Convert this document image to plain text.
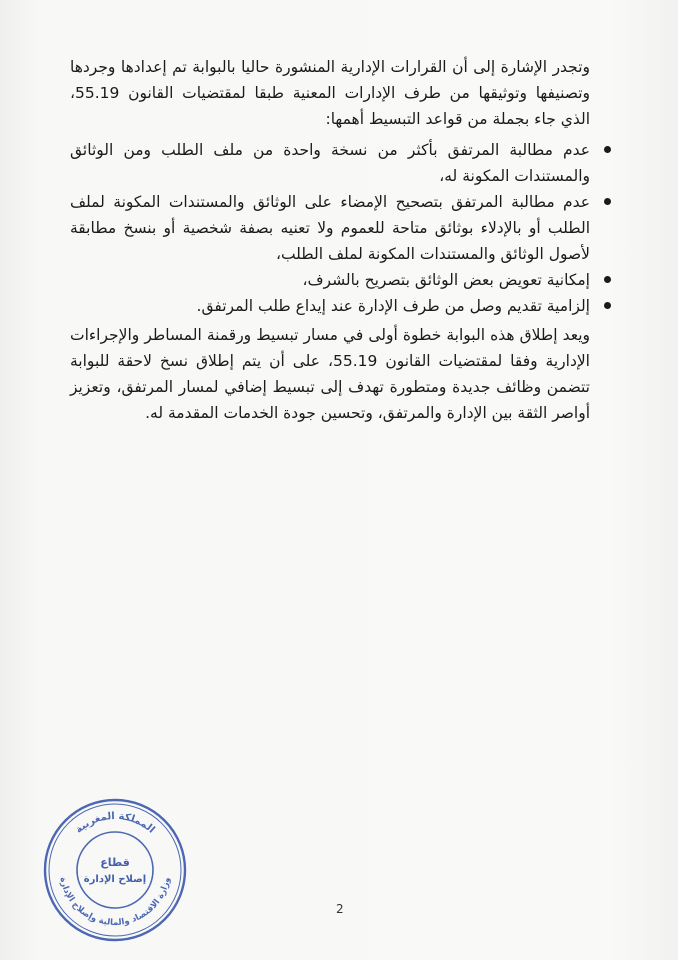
وتجدر الإشارة إلى أن القرارات الإدارية المنشورة حاليا بالبوابة تم إعدادها وجردها وتصنيفها وتوثيقها من طرف الإدارات المعنية طبقا لمقتضيات القانون 55.19، الذي جاء بجملة من قواعد التبسيط أهمها:

عدم مطالبة المرتفق بأكثر من نسخة واحدة من ملف الطلب ومن الوثائق والمستندات المكونة له،
عدم مطالبة المرتفق بتصحيح الإمضاء على الوثائق والمستندات المكونة لملف الطلب أو بالإدلاء بوثائق متاحة للعموم ولا تعنيه بصفة شخصية أو بنسخ مطابقة لأصول الوثائق والمستندات المكونة لملف الطلب،
إمكانية تعويض بعض الوثائق بتصريح بالشرف،
إلزامية تقديم وصل من طرف الإدارة عند إيداع طلب المرتفق.

ويعد إطلاق هذه البوابة خطوة أولى في مسار تبسيط ورقمنة المساطر والإجراءات الإدارية وفقا لمقتضيات القانون 55.19، على أن يتم إطلاق نسخ لاحقة للبوابة تتضمن وظائف جديدة ومتطورة تهدف إلى تبسيط إضافي لمسار المرتفق، وتعزيز أواصر الثقة بين الإدارة والمرتفق، وتحسين جودة الخدمات المقدمة له.

المملكة المغربية
وزارة الاقتصاد والمالية وإصلاح الإدارة
قطاع
إصلاح الإدارة
2
